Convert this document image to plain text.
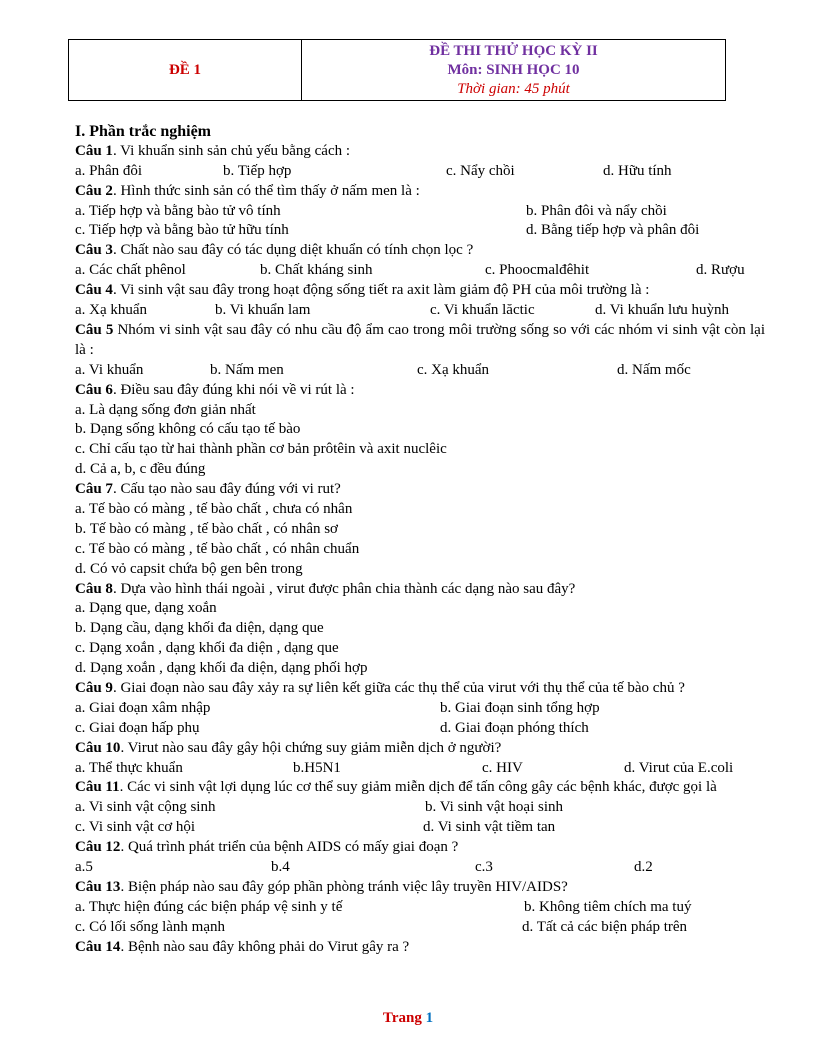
ĐỀ 1
ĐỀ THI THỬ HỌC KỲ II
Môn: SINH HỌC 10
Thời gian: 45 phút
I. Phần trắc nghiệm
Câu 1. Vi khuẩn sinh sản chủ yếu bằng cách :
a. Phân đôi	b. Tiếp hợp	c. Nẩy chồi	d. Hữu tính
Câu 2. Hình thức sinh sản có thể tìm thấy ở nấm men là :
a. Tiếp hợp và bằng bào tử vô tính	b. Phân đôi và nẩy chồi
c. Tiếp hợp và bằng bào tử hữu tính	d. Bằng tiếp hợp và phân đôi
Câu 3. Chất nào sau đây có tác dụng diệt khuẩn có tính chọn lọc ?
a. Các chất phênol	b. Chất kháng sinh	c. Phoocmalđêhit	d. Rượu
Câu 4. Vi sinh vật sau đây trong hoạt động sống tiết ra axit làm giảm độ PH của môi trường là :
a. Xạ khuẩn	b. Vi khuẩn lam	c. Vi khuẩn lăctic	d. Vi khuẩn lưu huỳnh
Câu 5 Nhóm vi sinh vật sau đây có nhu cầu độ ẩm cao trong môi trường sống so với các nhóm vi sinh vật còn lại là :
a. Vi khuẩn	b. Nấm men	c. Xạ khuẩn	d. Nấm mốc
Câu 6. Điều sau đây đúng khi nói về vi rút là :
a. Là dạng sống đơn giản nhất
b. Dạng sống không có cấu tạo tế bào
c. Chỉ cấu tạo từ hai thành phần cơ bản prôtêin và axit nuclêic
d. Cả a, b, c đều đúng
Câu 7. Cấu tạo nào sau đây đúng với vi rut?
a. Tế bào có màng , tế bào chất , chưa có nhân
b. Tế bào có màng , tế bào chất , có nhân sơ
c. Tế bào có màng , tế bào chất , có nhân chuẩn
d. Có vỏ capsit chứa bộ gen bên trong
Câu 8. Dựa vào hình thái ngoài , virut được phân chia thành các dạng nào sau đây?
a. Dạng que, dạng xoắn
b. Dạng cầu, dạng khối đa diện, dạng que
c. Dạng xoắn , dạng khối đa diện , dạng que
d. Dạng xoắn , dạng khối đa diện, dạng phối hợp
Câu 9. Giai đoạn nào sau đây xảy ra sự liên kết giữa các thụ thể của virut với thụ thể của tế bào chủ ?
a. Giai đoạn xâm nhập	b. Giai đoạn sinh tổng hợp
c. Giai đoạn hấp phụ	d. Giai đoạn phóng thích
Câu 10. Virut nào sau đây gây hội chứng suy giảm miễn dịch ở người?
a. Thể thực khuẩn	b.H5N1	c. HIV	d. Virut của E.coli
Câu 11. Các vi sinh vật lợi dụng lúc cơ thể suy giảm miễn dịch để tấn công gây các bệnh khác, được gọi là
a. Vi sinh vật cộng sinh	b. Vi sinh vật hoại sinh
c. Vi sinh vật cơ hội	d. Vi sinh vật tiềm tan
Câu 12. Quá trình phát triển của bệnh AIDS có mấy giai đoạn ?
a.5	b.4	c.3	d.2
Câu 13. Biện pháp nào sau đây góp phần phòng tránh việc lây truyền HIV/AIDS?
a. Thực hiện đúng các biện pháp vệ sinh y tế	b. Không tiêm chích ma tuý
c. Có lối sống lành mạnh	d. Tất cả các biện pháp trên
Câu 14. Bệnh nào sau đây không phải do Virut gây ra ?
Trang 1
